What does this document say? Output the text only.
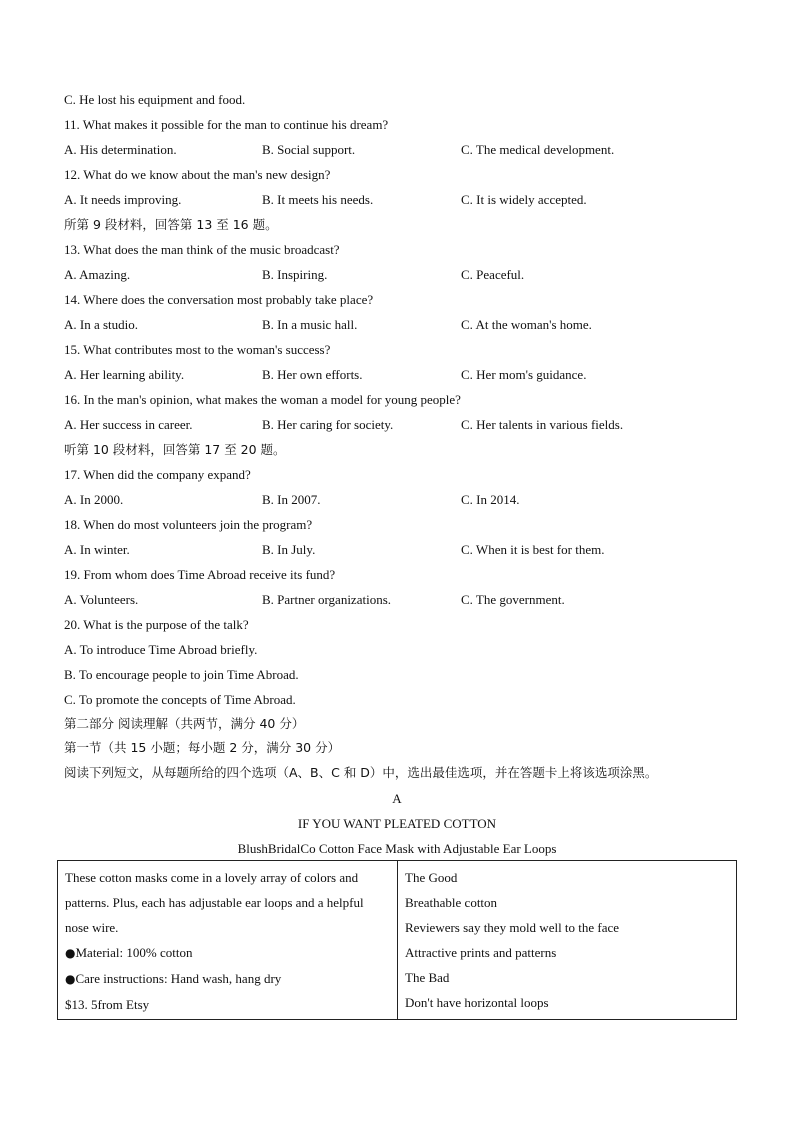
C. He lost his equipment and food.
11. What makes it possible for the man to continue his dream?
A. His determination.	B. Social support.	C. The medical development.
12. What do we know about the man's new design?
A. It needs improving.	B. It meets his needs.	C. It is widely accepted.
所第 9 段材料，回答第 13 至 16 题。
13. What does the man think of the music broadcast?
A. Amazing.	B. Inspiring.	C. Peaceful.
14. Where does the conversation most probably take place?
A. In a studio.	B. In a music hall.	C. At the woman's home.
15. What contributes most to the woman's success?
A. Her learning ability.	B. Her own efforts.	C. Her mom's guidance.
16. In the man's opinion, what makes the woman a model for young people?
A. Her success in career.	B. Her caring for society.	C. Her talents in various fields.
听第 10 段材料，回答第 17 至 20 题。
17. When did the company expand?
A. In 2000.	B. In 2007.	C. In 2014.
18. When do most volunteers join the program?
A. In winter.	B. In July.	C. When it is best for them.
19. From whom does Time Abroad receive its fund?
A. Volunteers.	B. Partner organizations.	C. The government.
20. What is the purpose of the talk?
A. To introduce Time Abroad briefly.
B. To encourage people to join Time Abroad.
C. To promote the concepts of Time Abroad.
第二部分 阅读理解（共两节，满分 40 分）
第一节（共 15 小题；每小题 2 分，满分 30 分）
阅读下列短文，从每题所给的四个选项（A、B、C 和 D）中，选出最佳选项，并在答题卡上将该选项涂黑。
A
IF YOU WANT PLEATED COTTON
BlushBridalCo Cotton Face Mask with Adjustable Ear Loops
These cotton masks come in a lovely array of colors and
patterns. Plus, each has adjustable ear loops and a helpful
nose wire.
●Material: 100% cotton
●Care instructions: Hand wash, hang dry
$13. 5from Etsy

The Good
Breathable cotton
Reviewers say they mold well to the face
Attractive prints and patterns
The Bad
Don't have horizontal loops
